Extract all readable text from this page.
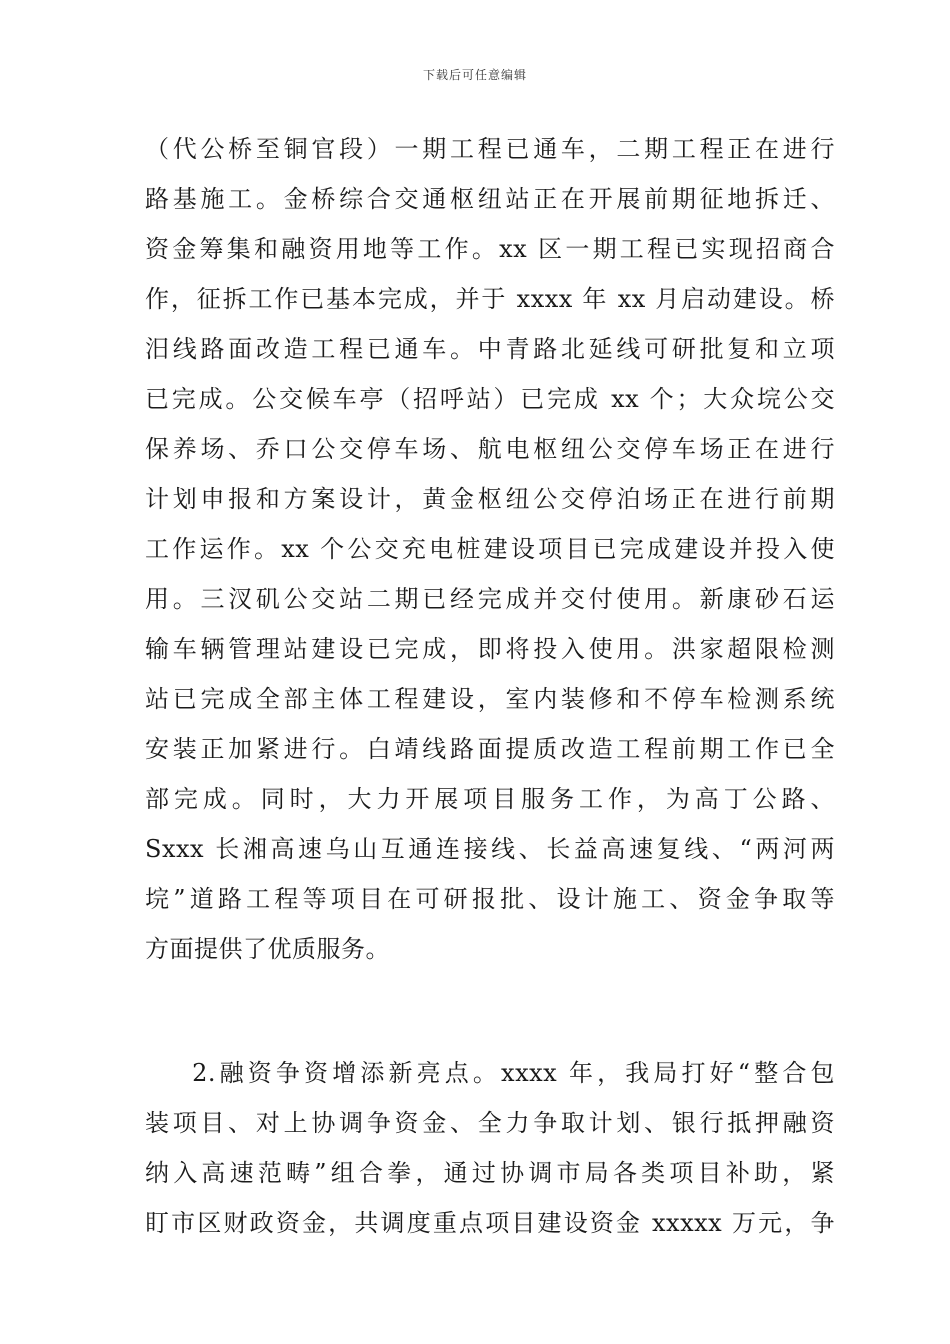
下载后可任意编辑
（代公桥至铜官段）一期工程已通车，二期工程正在进行
路基施工。金桥综合交通枢纽站正在开展前期征地拆迁、
资金筹集和融资用地等工作。xx 区一期工程已实现招商合
作，征拆工作已基本完成，并于 xxxx 年 xx 月启动建设。桥
汨线路面改造工程已通车。中青路北延线可研批复和立项
已完成。公交候车亭（招呼站）已完成 xx 个；大众垸公交
保养场、乔口公交停车场、航电枢纽公交停车场正在进行
计划申报和方案设计，黄金枢纽公交停泊场正在进行前期
工作运作。xx 个公交充电桩建设项目已完成建设并投入使
用。三汊矶公交站二期已经完成并交付使用。新康砂石运
输车辆管理站建设已完成，即将投入使用。洪家超限检测
站已完成全部主体工程建设，室内装修和不停车检测系统
安装正加紧进行。白靖线路面提质改造工程前期工作已全
部完成。同时，大力开展项目服务工作，为高丁公路、
Sxxx 长湘高速乌山互通连接线、长益高速复线、“两河两
垸”道路工程等项目在可研报批、设计施工、资金争取等
方面提供了优质服务。
2.融资争资增添新亮点。xxxx 年，我局打好“整合包
装项目、对上协调争资金、全力争取计划、银行抵押融资
纳入高速范畴”组合拳，通过协调市局各类项目补助，紧
盯市区财政资金，共调度重点项目建设资金 xxxxx 万元，争
